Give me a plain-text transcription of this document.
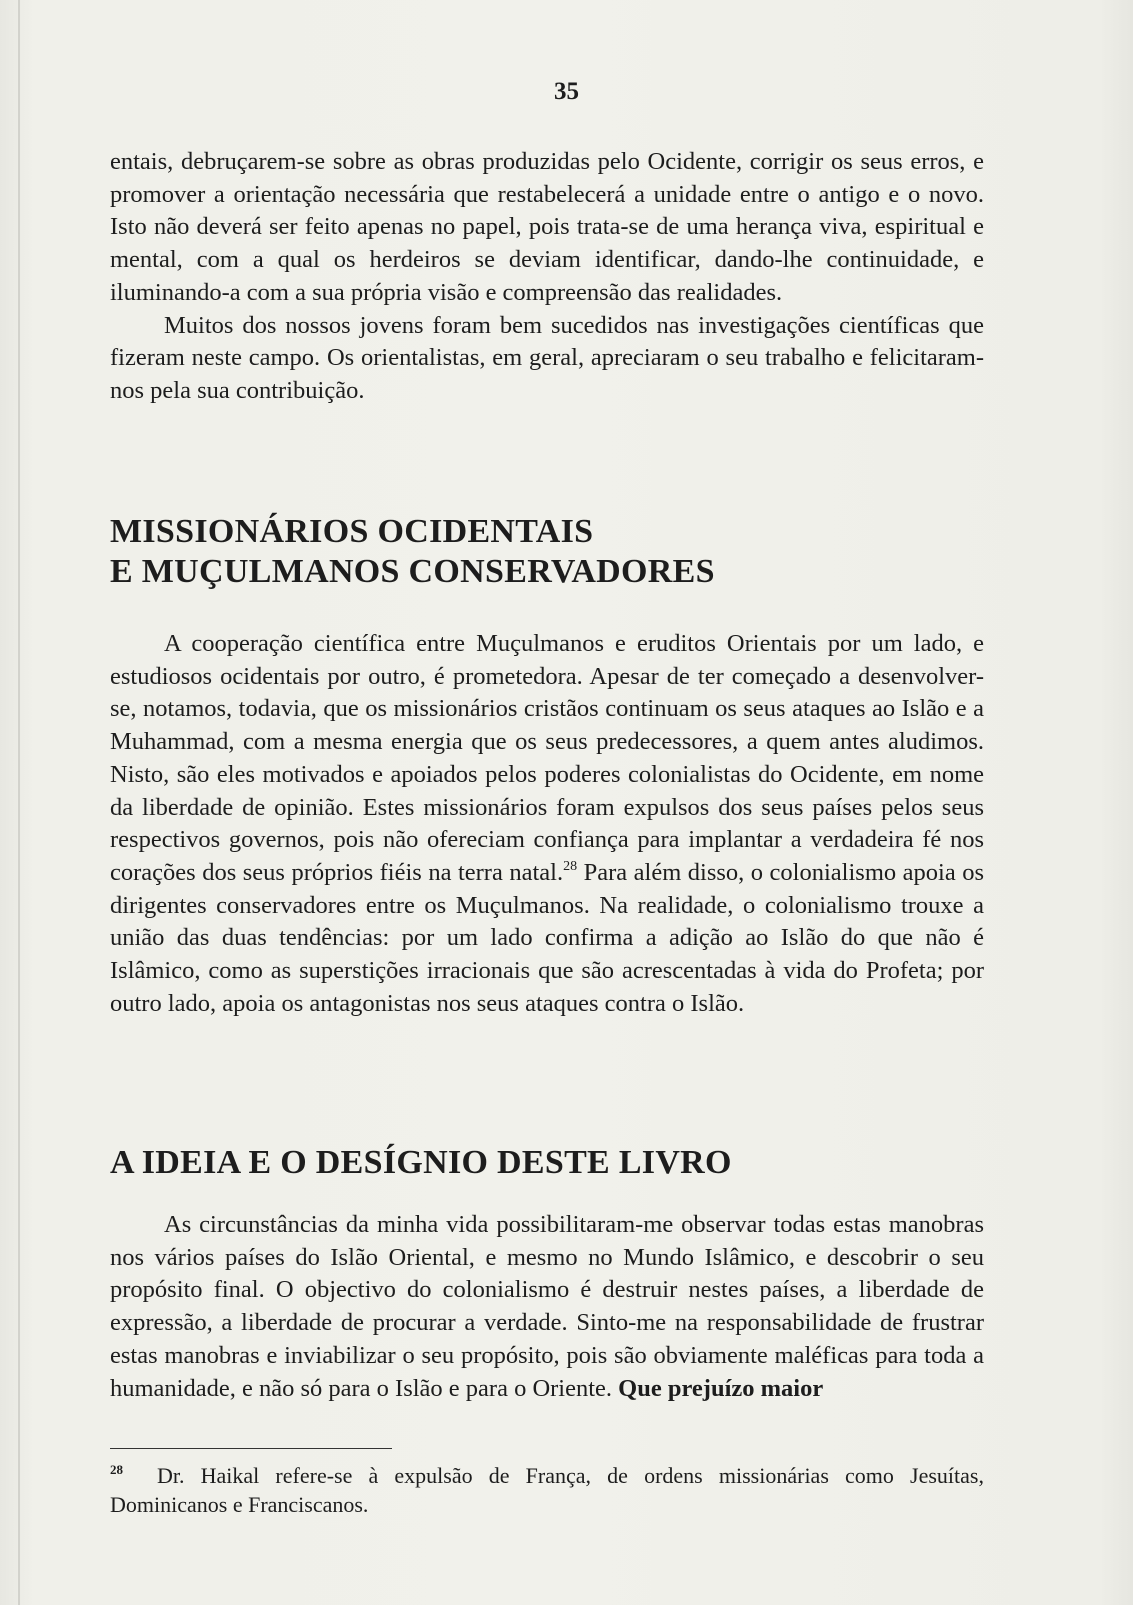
35

entais, debruçarem-se sobre as obras produzidas pelo Ocidente, corrigir os seus erros, e promover a orientação necessária que restabelecerá a unidade entre o antigo e o novo. Isto não deverá ser feito apenas no papel, pois trata-se de uma herança viva, espiritual e mental, com a qual os herdeiros se deviam identificar, dando-lhe continuidade, e iluminando-a com a sua própria visão e compreensão das realidades.

Muitos dos nossos jovens foram bem sucedidos nas investigações científicas que fizeram neste campo. Os orientalistas, em geral, apreciaram o seu trabalho e felicitaram-nos pela sua contribuição.

MISSIONÁRIOS OCIDENTAIS
E MUÇULMANOS CONSERVADORES

A cooperação científica entre Muçulmanos e eruditos Orientais por um lado, e estudiosos ocidentais por outro, é prometedora. Apesar de ter começado a desenvolver-se, notamos, todavia, que os missionários cristãos continuam os seus ataques ao Islão e a Muhammad, com a mesma energia que os seus predecessores, a quem antes aludimos. Nisto, são eles motivados e apoiados pelos poderes colonialistas do Ocidente, em nome da liberdade de opinião. Estes missionários foram expulsos dos seus países pelos seus respectivos governos, pois não ofereciam confiança para implantar a verdadeira fé nos corações dos seus próprios fiéis na terra natal.$^{28}$ Para além disso, o colonialismo apoia os dirigentes conservadores entre os Muçulmanos. Na realidade, o colonialismo trouxe a união das duas tendências: por um lado confirma a adição ao Islão do que não é Islâmico, como as superstições irracionais que são acrescentadas à vida do Profeta; por outro lado, apoia os antagonistas nos seus ataques contra o Islão.

A IDEIA E O DESÍGNIO DESTE LIVRO

As circunstâncias da minha vida possibilitaram-me observar todas estas manobras nos vários países do Islão Oriental, e mesmo no Mundo Islâmico, e descobrir o seu propósito final. O objectivo do colonialismo é destruir nestes países, a liberdade de expressão, a liberdade de procurar a verdade. Sinto-me na responsabilidade de frustrar estas manobras e inviabilizar o seu propósito, pois são obviamente maléficas para toda a humanidade, e não só para o Islão e para o Oriente. Que prejuízo maior

$^{28}$ Dr. Haikal refere-se à expulsão de França, de ordens missionárias como Jesuítas, Dominicanos e Franciscanos.
